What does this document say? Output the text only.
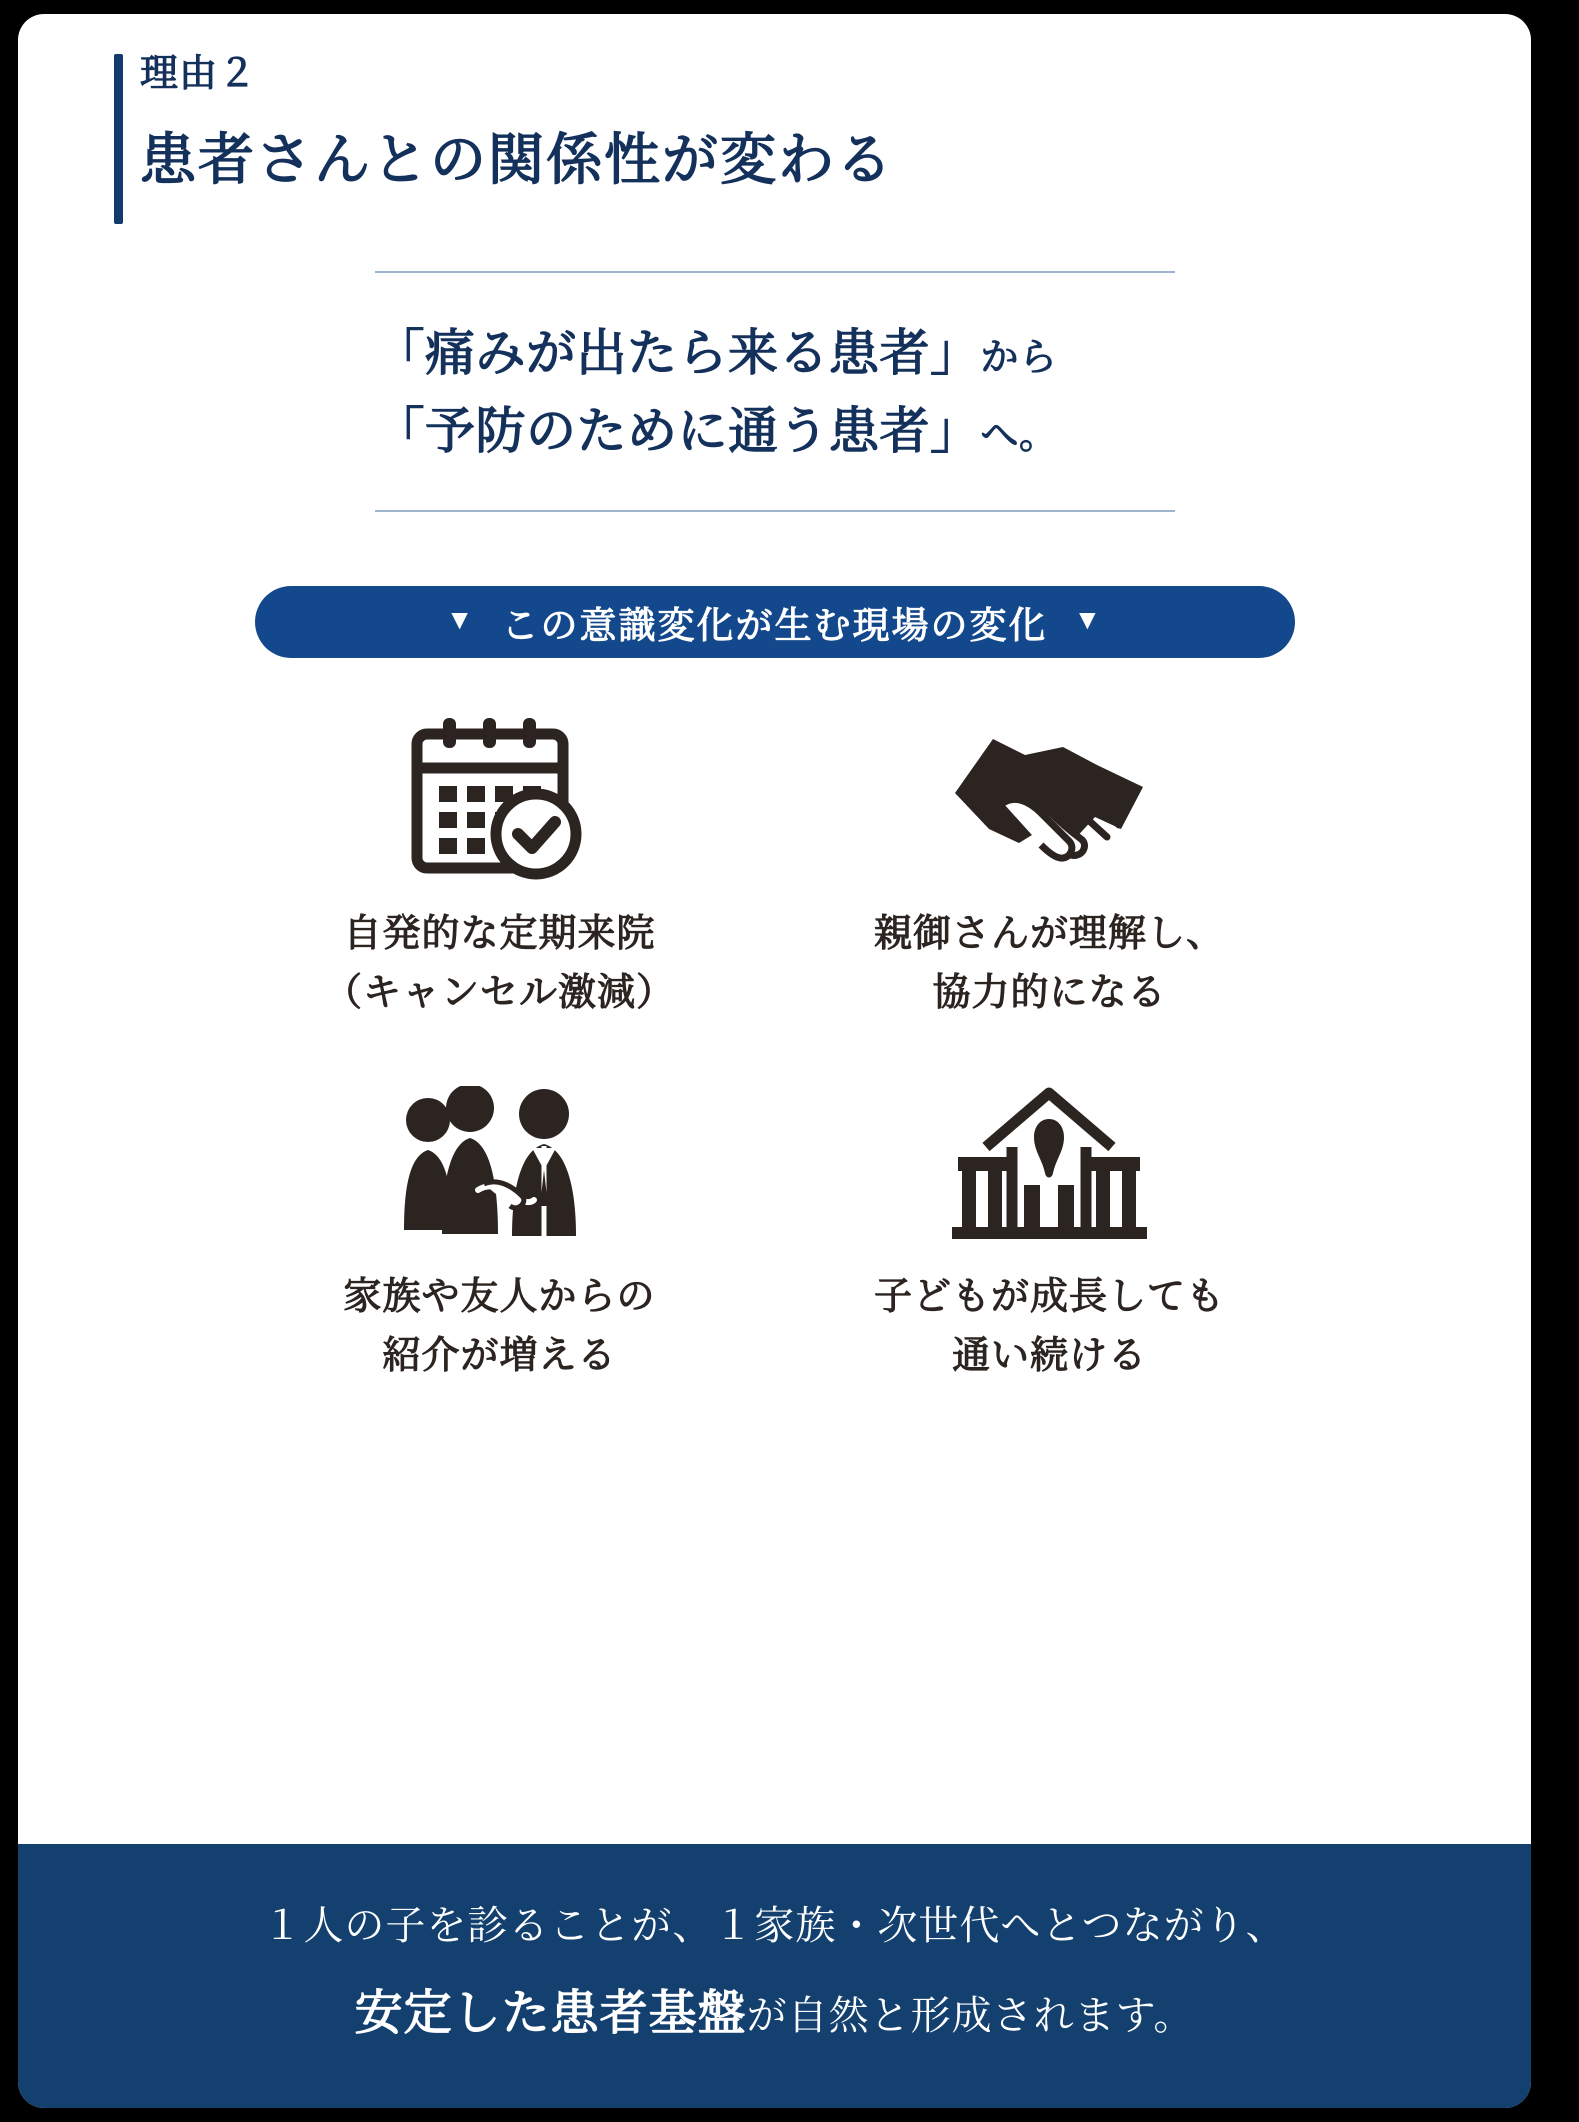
理由２
患者さんとの関係性が変わる
「痛みが出たら来る患者」から
「予防のために通う患者」へ。
▼ この意識変化が生む現場の変化 ▼
自発的な定期来院
（キャンセル激減）
親御さんが理解し、
協力的になる
家族や友人からの
紹介が増える
子どもが成長しても
通い続ける
１人の子を診ることが、１家族・次世代へとつながり、
安定した患者基盤が自然と形成されます。
